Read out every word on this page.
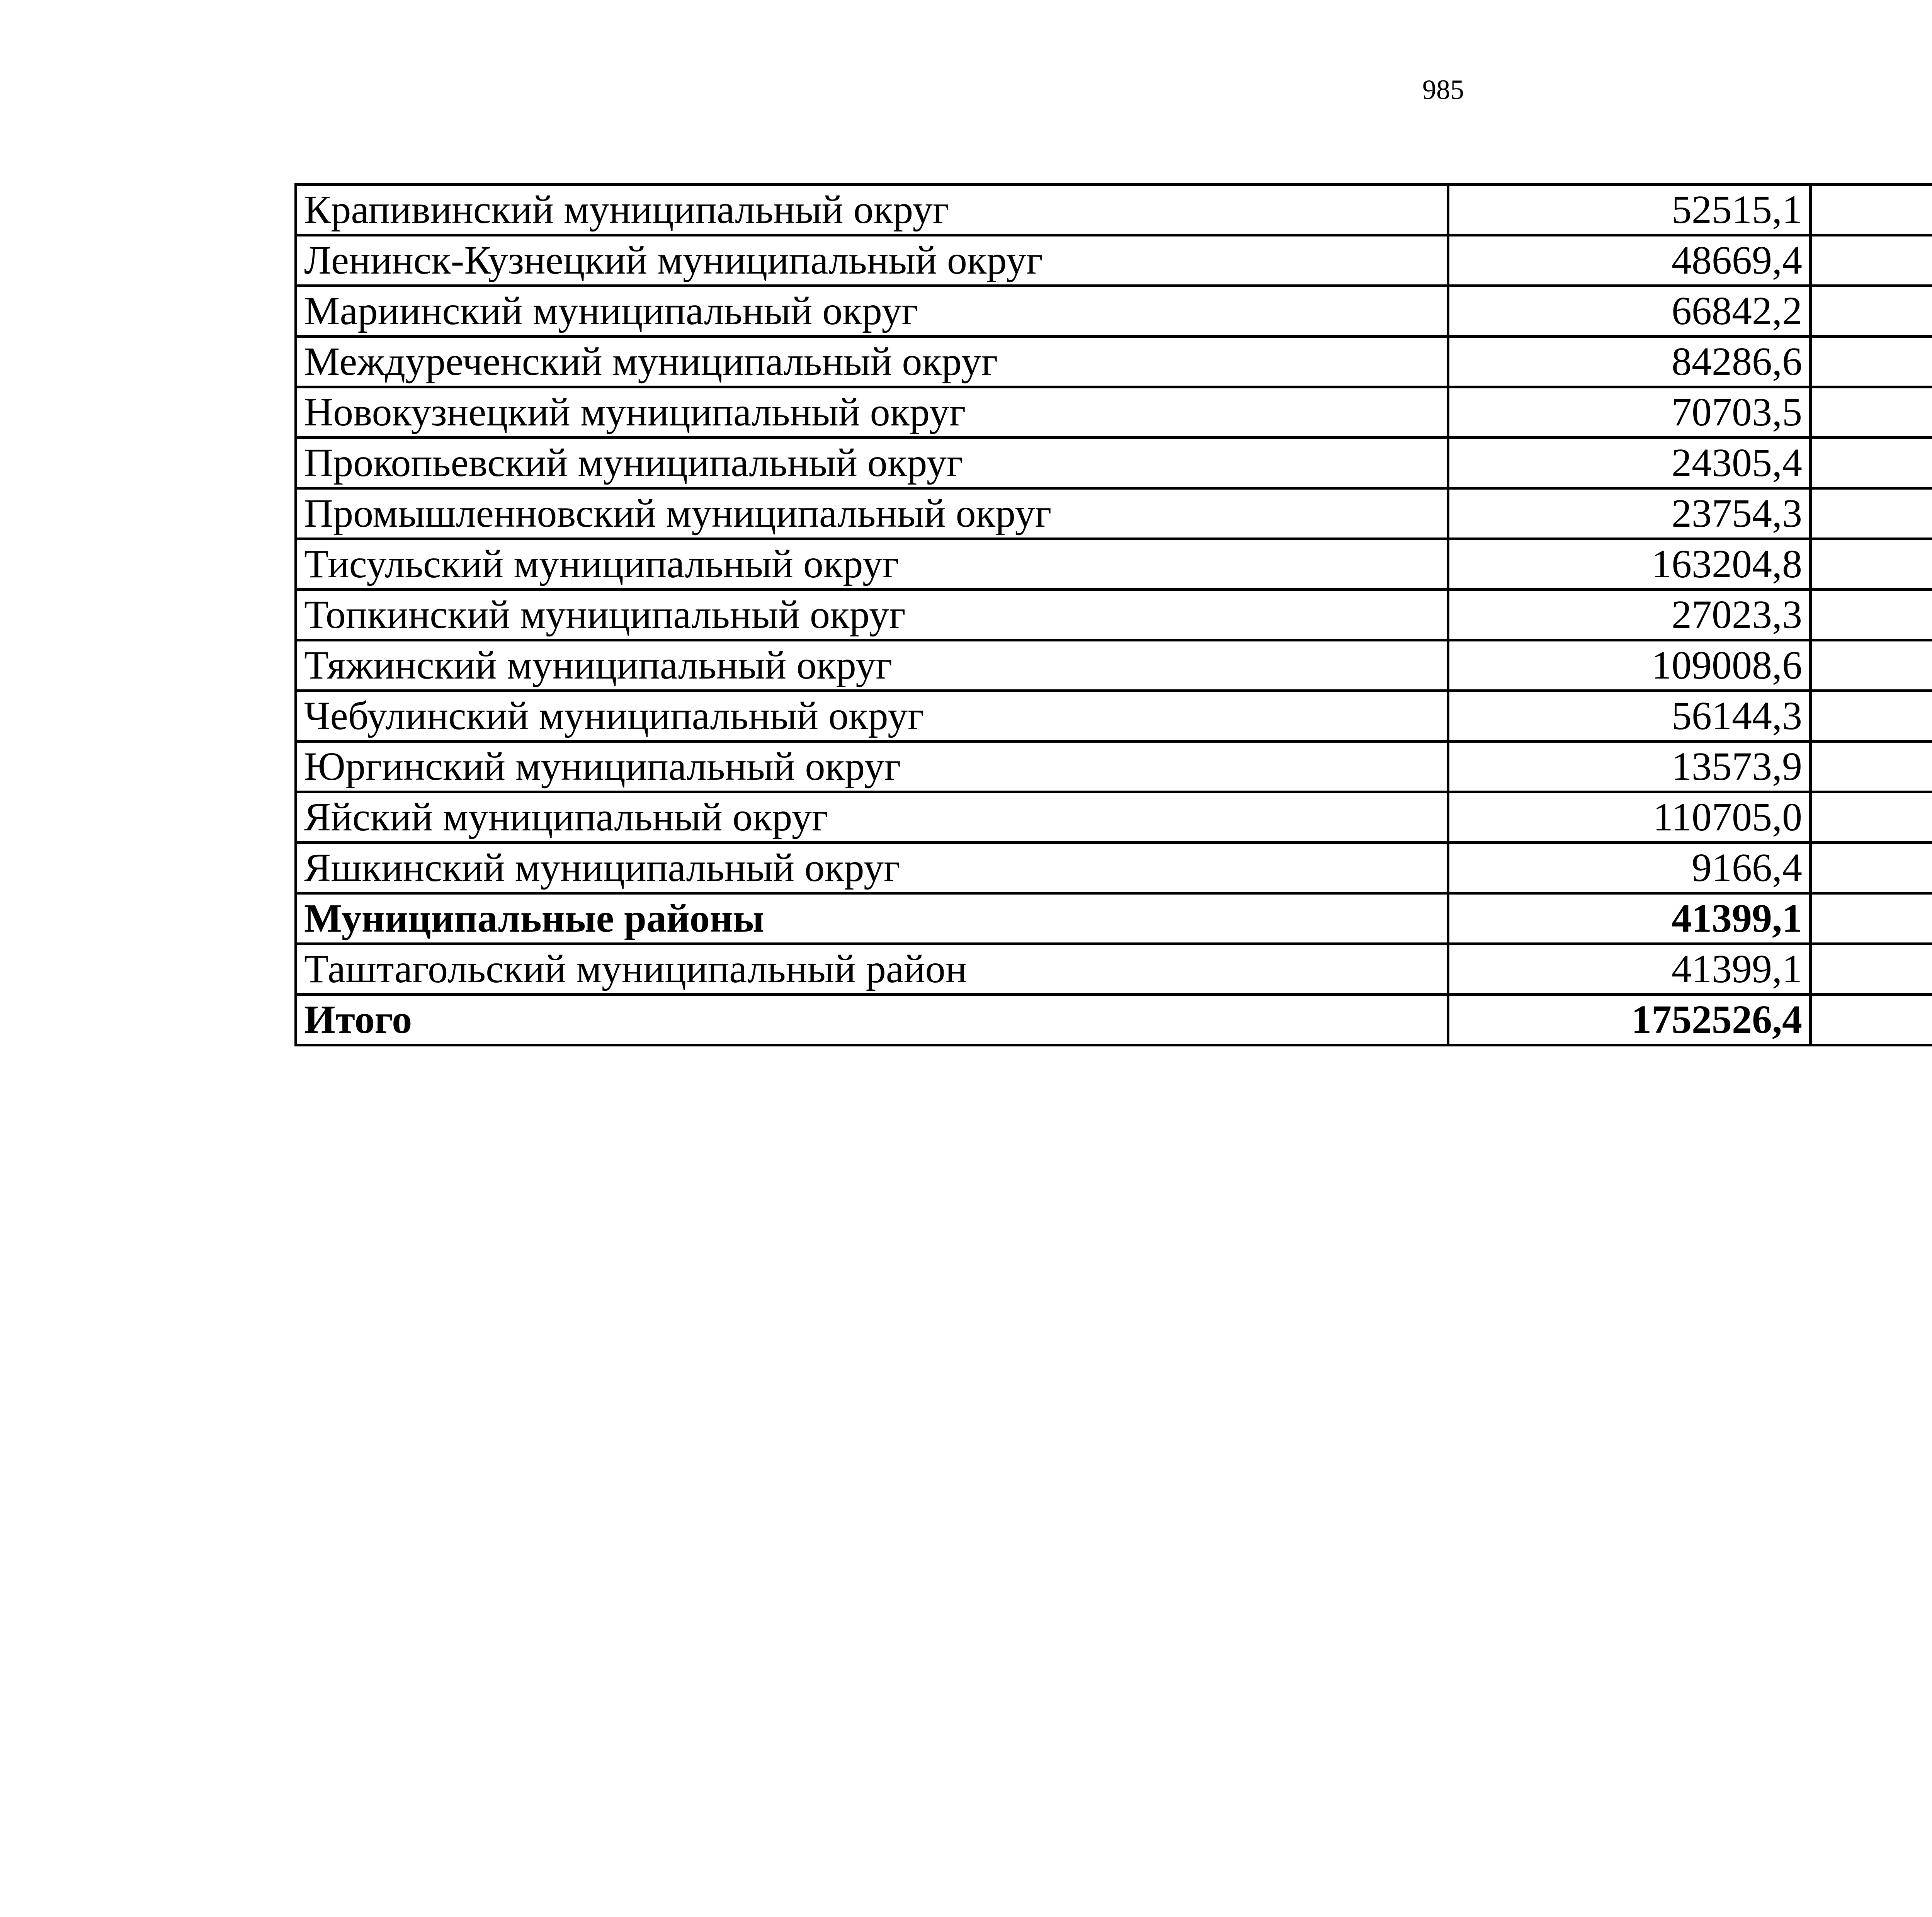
985
Крапивинский муниципальный округ	52515,1		
Ленинск-Кузнецкий муниципальный округ	48669,4		
Мариинский муниципальный округ	66842,2		
Междуреченский муниципальный округ	84286,6		
Новокузнецкий муниципальный округ	70703,5		
Прокопьевский муниципальный округ	24305,4		
Промышленновский муниципальный округ	23754,3		
Тисульский муниципальный округ	163204,8		
Топкинский муниципальный округ	27023,3		
Тяжинский муниципальный округ	109008,6		
Чебулинский муниципальный округ	56144,3		
Юргинский муниципальный округ	13573,9		
Яйский муниципальный округ	110705,0		
Яшкинский муниципальный округ	9166,4		
Муниципальные районы	41399,1		
Таштагольский муниципальный район	41399,1		
Итого	1752526,4		
